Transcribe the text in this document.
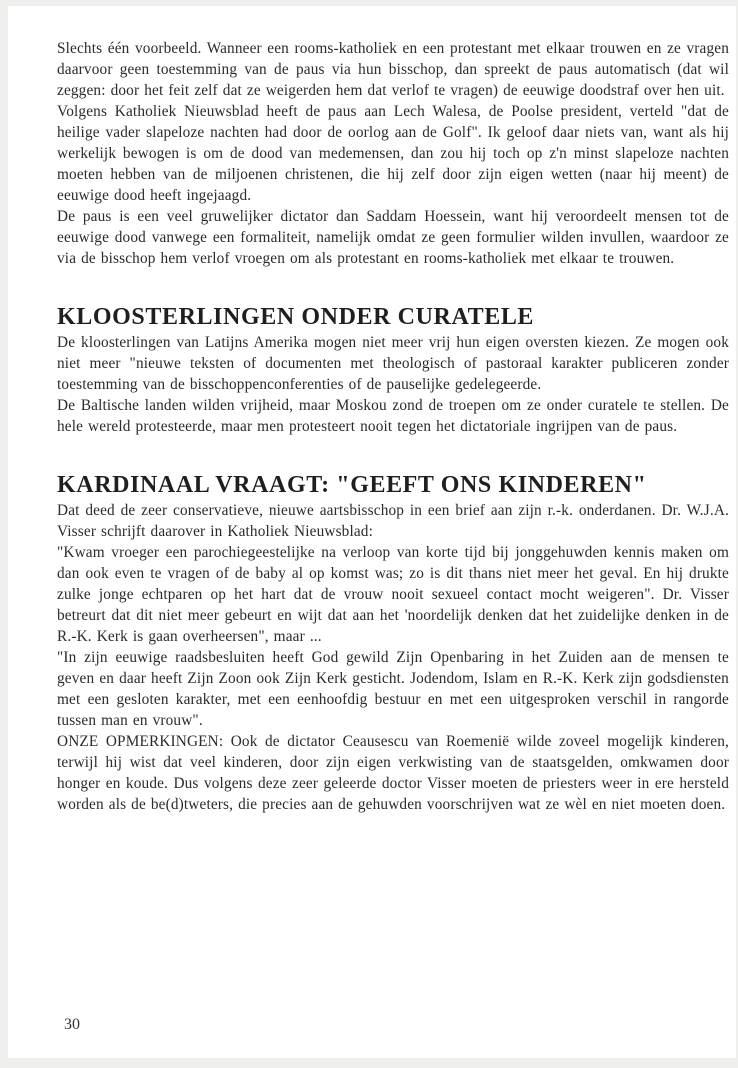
Slechts één voorbeeld. Wanneer een rooms-katholiek en een protestant met elkaar trouwen en ze vragen daarvoor geen toestemming van de paus via hun bisschop, dan spreekt de paus automatisch (dat wil zeggen: door het feit zelf dat ze weigerden hem dat verlof te vragen) de eeuwige doodstraf over hen uit.

Volgens Katholiek Nieuwsblad heeft de paus aan Lech Walesa, de Poolse president, verteld "dat de heilige vader slapeloze nachten had door de oorlog aan de Golf". Ik geloof daar niets van, want als hij werkelijk bewogen is om de dood van medemensen, dan zou hij toch op z'n minst slapeloze nachten moeten hebben van de miljoenen christenen, die hij zelf door zijn eigen wetten (naar hij meent) de eeuwige dood heeft ingejaagd.

De paus is een veel gruwelijker dictator dan Saddam Hoessein, want hij veroordeelt mensen tot de eeuwige dood vanwege een formaliteit, namelijk omdat ze geen formulier wilden invullen, waardoor ze via de bisschop hem verlof vroegen om als protestant en rooms-katholiek met elkaar te trouwen.

KLOOSTERLINGEN ONDER CURATELE

De kloosterlingen van Latijns Amerika mogen niet meer vrij hun eigen oversten kiezen. Ze mogen ook niet meer "nieuwe teksten of documenten met theologisch of pastoraal karakter publiceren zonder toestemming van de bisschoppenconferenties of de pauselijke gedelegeerde.

De Baltische landen wilden vrijheid, maar Moskou zond de troepen om ze onder curatele te stellen. De hele wereld protesteerde, maar men protesteert nooit tegen het dictatoriale ingrijpen van de paus.

KARDINAAL VRAAGT: "GEEFT ONS KINDEREN"

Dat deed de zeer conservatieve, nieuwe aartsbisschop in een brief aan zijn r.-k. onderdanen. Dr. W.J.A. Visser schrijft daarover in Katholiek Nieuwsblad:

"Kwam vroeger een parochiegeestelijke na verloop van korte tijd bij jonggehuwden kennis maken om dan ook even te vragen of de baby al op komst was; zo is dit thans niet meer het geval. En hij drukte zulke jonge echtparen op het hart dat de vrouw nooit sexueel contact mocht weigeren". Dr. Visser betreurt dat dit niet meer gebeurt en wijt dat aan het 'noordelijk denken dat het zuidelijke denken in de R.-K. Kerk is gaan overheersen", maar ...

"In zijn eeuwige raadsbesluiten heeft God gewild Zijn Openbaring in het Zuiden aan de mensen te geven en daar heeft Zijn Zoon ook Zijn Kerk gesticht. Jodendom, Islam en R.-K. Kerk zijn godsdiensten met een gesloten karakter, met een eenhoofdig bestuur en met een uitgesproken verschil in rangorde tussen man en vrouw".

ONZE OPMERKINGEN: Ook de dictator Ceausescu van Roemenië wilde zoveel mogelijk kinderen, terwijl hij wist dat veel kinderen, door zijn eigen verkwisting van de staatsgelden, omkwamen door honger en koude. Dus volgens deze zeer geleerde doctor Visser moeten de priesters weer in ere hersteld worden als de be(d)tweters, die precies aan de gehuwden voorschrijven wat ze wèl en niet moeten doen.

30
